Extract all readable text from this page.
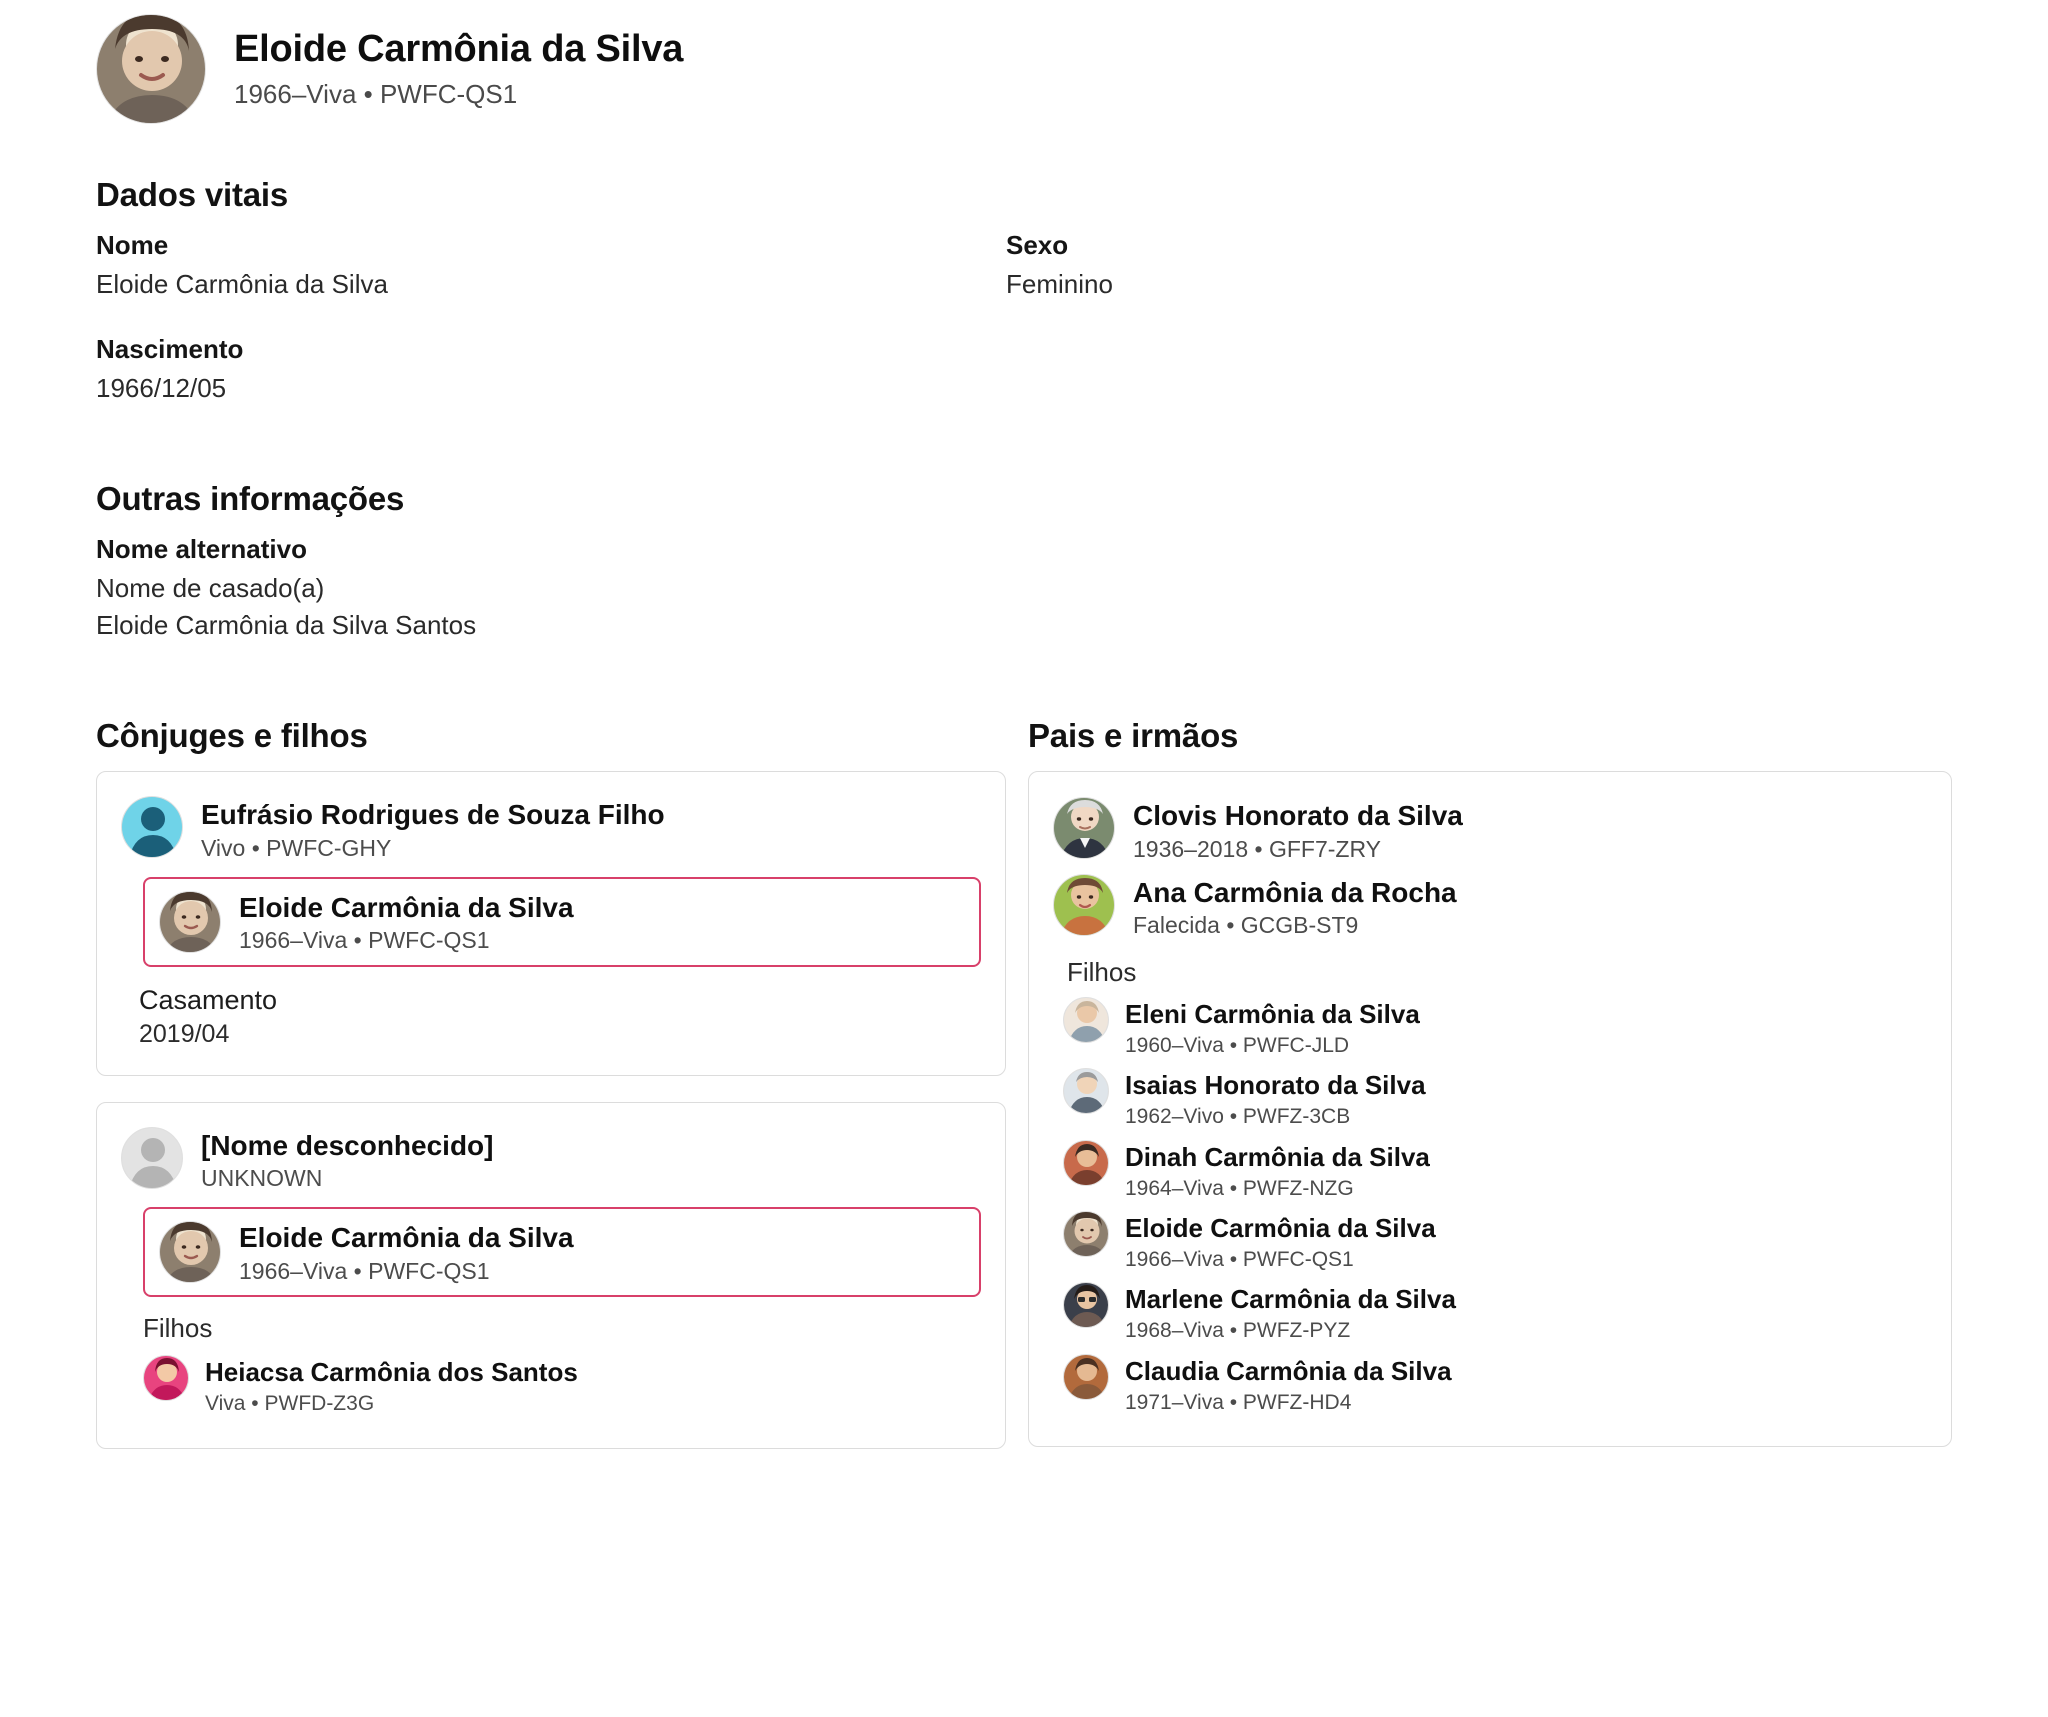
Eloide Carmônia da Silva
1966–Viva • PWFC-QS1
Dados vitais
Nome
Eloide Carmônia da Silva
Sexo
Feminino
Nascimento
1966/12/05
Outras informações
Nome alternativo
Nome de casado(a)
Eloide Carmônia da Silva Santos
Cônjuges e filhos
Eufrásio Rodrigues de Souza Filho
Vivo • PWFC-GHY
Eloide Carmônia da Silva
1966–Viva • PWFC-QS1
Casamento
2019/04
[Nome desconhecido]
UNKNOWN
Eloide Carmônia da Silva
1966–Viva • PWFC-QS1
Filhos
Heiacsa Carmônia dos Santos
Viva • PWFD-Z3G
Pais e irmãos
Clovis Honorato da Silva
1936–2018 • GFF7-ZRY
Ana Carmônia da Rocha
Falecida • GCGB-ST9
Filhos
Eleni Carmônia da Silva
1960–Viva • PWFC-JLD
Isaias Honorato da Silva
1962–Vivo • PWFZ-3CB
Dinah Carmônia da Silva
1964–Viva • PWFZ-NZG
Eloide Carmônia da Silva
1966–Viva • PWFC-QS1
Marlene Carmônia da Silva
1968–Viva • PWFZ-PYZ
Claudia Carmônia da Silva
1971–Viva • PWFZ-HD4
